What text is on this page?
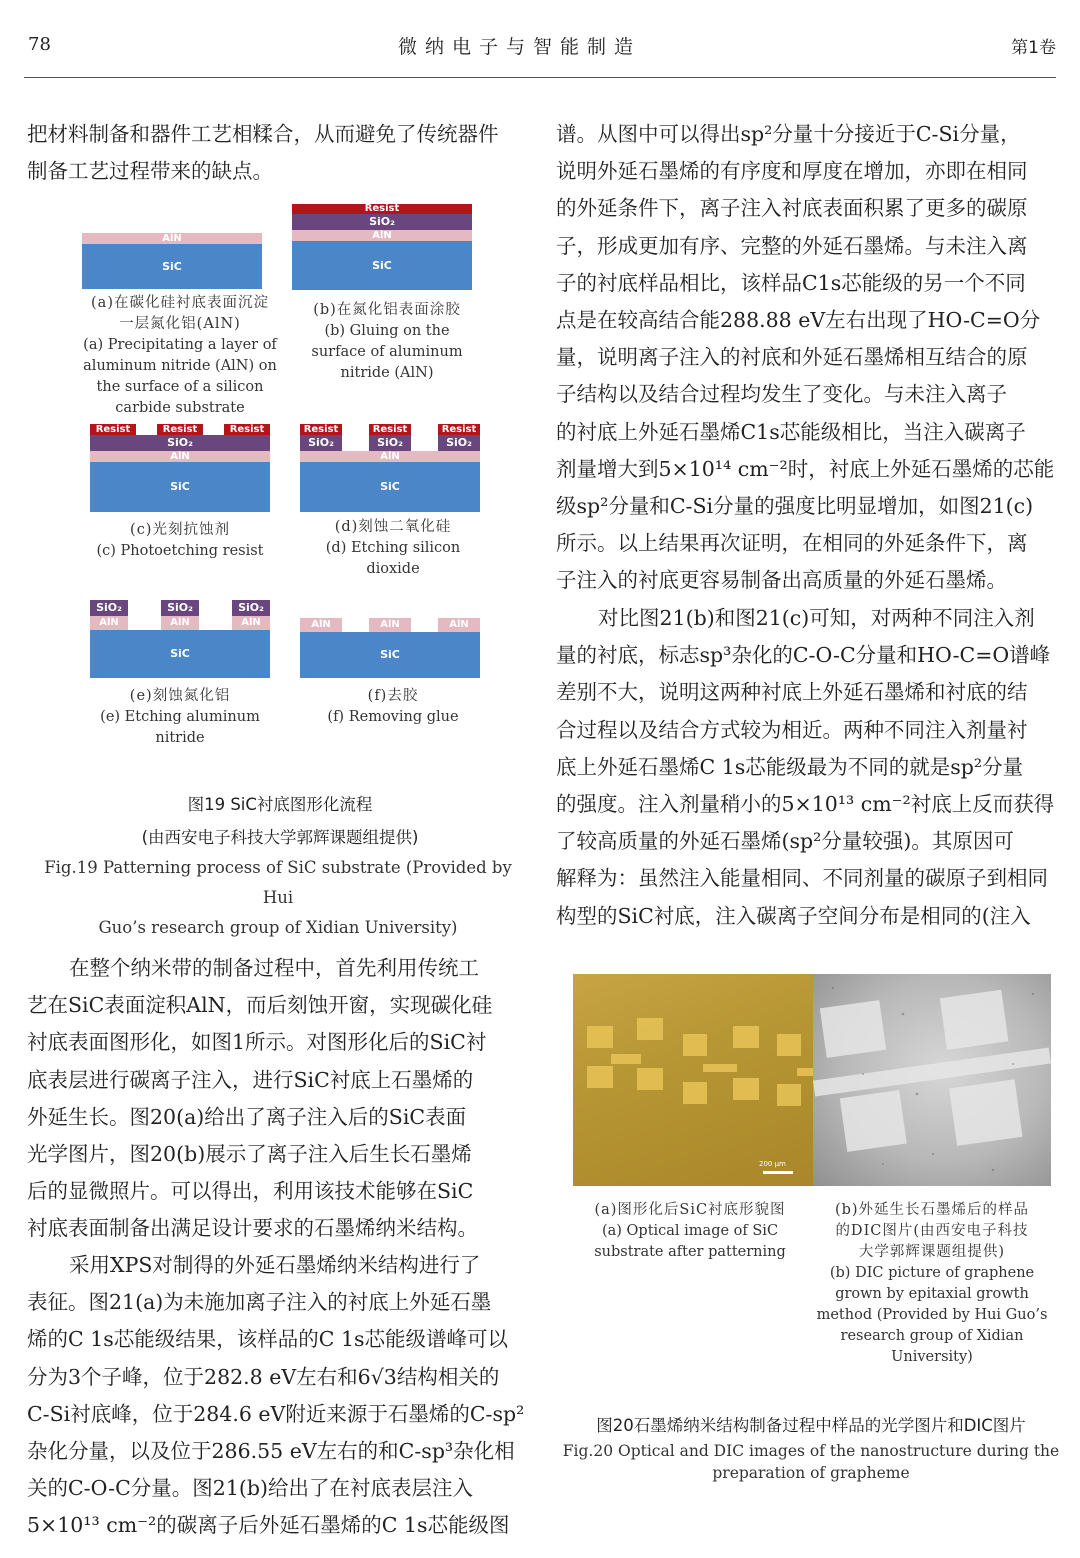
78	微纳电子与智能制造	第1卷
把材料制备和器件工艺相糅合，从而避免了传统器件
制备工艺过程带来的缺点。
AlN
SiC
Resist
SiO₂
AlN
SiC
(a)在碳化硅衬底表面沉淀
一层氮化铝(AlN)
(a) Precipitating a layer of
aluminum nitride (AlN) on
the surface of a silicon
carbide substrate
(b)在氮化铝表面涂胶
(b) Gluing on the
surface of aluminum
nitride (AlN)
Resist	Resist	Resist
SiO₂
AlN
SiC
Resist	Resist	Resist
SiO₂	SiO₂	SiO₂
AlN
SiC
(c)光刻抗蚀剂
(c) Photoetching resist
(d)刻蚀二氧化硅
(d) Etching silicon
dioxide
SiO₂	SiO₂	SiO₂
AlN	AlN	AlN
SiC
AlN	AlN	AlN
SiC
(e)刻蚀氮化铝
(e) Etching aluminum
nitride
(f)去胶
(f) Removing glue
图19 SiC衬底图形化流程
(由西安电子科技大学郭辉课题组提供)
Fig.19 Patterning process of SiC substrate (Provided by Hui
Guo’s research group of Xidian University)
在整个纳米带的制备过程中，首先利用传统工
艺在SiC表面淀积AlN，而后刻蚀开窗，实现碳化硅
衬底表面图形化，如图1所示。对图形化后的SiC衬
底表层进行碳离子注入，进行SiC衬底上石墨烯的
外延生长。图20(a)给出了离子注入后的SiC表面
光学图片，图20(b)展示了离子注入后生长石墨烯
后的显微照片。可以得出，利用该技术能够在SiC
衬底表面制备出满足设计要求的石墨烯纳米结构。
采用XPS对制得的外延石墨烯纳米结构进行了
表征。图21(a)为未施加离子注入的衬底上外延石墨
烯的C 1s芯能级结果，该样品的C 1s芯能级谱峰可以
分为3个子峰，位于282.8 eV左右和6√3结构相关的
C-Si衬底峰，位于284.6 eV附近来源于石墨烯的C-sp²
杂化分量，以及位于286.55 eV左右的和C-sp³杂化相
关的C-O-C分量。图21(b)给出了在衬底表层注入
5×10¹³ cm⁻²的碳离子后外延石墨烯的C 1s芯能级图
谱。从图中可以得出sp²分量十分接近于C-Si分量，
说明外延石墨烯的有序度和厚度在增加，亦即在相同
的外延条件下，离子注入衬底表面积累了更多的碳原
子，形成更加有序、完整的外延石墨烯。与未注入离
子的衬底样品相比，该样品C1s芯能级的另一个不同
点是在较高结合能288.88 eV左右出现了HO-C=O分
量，说明离子注入的衬底和外延石墨烯相互结合的原
子结构以及结合过程均发生了变化。与未注入离子
的衬底上外延石墨烯C1s芯能级相比，当注入碳离子
剂量增大到5×10¹⁴ cm⁻²时，衬底上外延石墨烯的芯能
级sp²分量和C-Si分量的强度比明显增加，如图21(c)
所示。以上结果再次证明，在相同的外延条件下，离
子注入的衬底更容易制备出高质量的外延石墨烯。
对比图21(b)和图21(c)可知，对两种不同注入剂
量的衬底，标志sp³杂化的C-O-C分量和HO-C=O谱峰
差别不大，说明这两种衬底上外延石墨烯和衬底的结
合过程以及结合方式较为相近。两种不同注入剂量衬
底上外延石墨烯C 1s芯能级最为不同的就是sp²分量
的强度。注入剂量稍小的5×10¹³ cm⁻²衬底上反而获得
了较高质量的外延石墨烯(sp²分量较强)。其原因可
解释为：虽然注入能量相同、不同剂量的碳原子到相同
构型的SiC衬底，注入碳离子空间分布是相同的(注入
200 μm
(a)图形化后SiC衬底形貌图
(a) Optical image of SiC
substrate after patterning
(b)外延生长石墨烯后的样品
的DIC图片(由西安电子科技
大学郭辉课题组提供)
(b) DIC picture of graphene
grown by epitaxial growth
method (Provided by Hui Guo’s
research group of Xidian
University)
图20石墨烯纳米结构制备过程中样品的光学图片和DIC图片
Fig.20 Optical and DIC images of the nanostructure during the
preparation of grapheme
